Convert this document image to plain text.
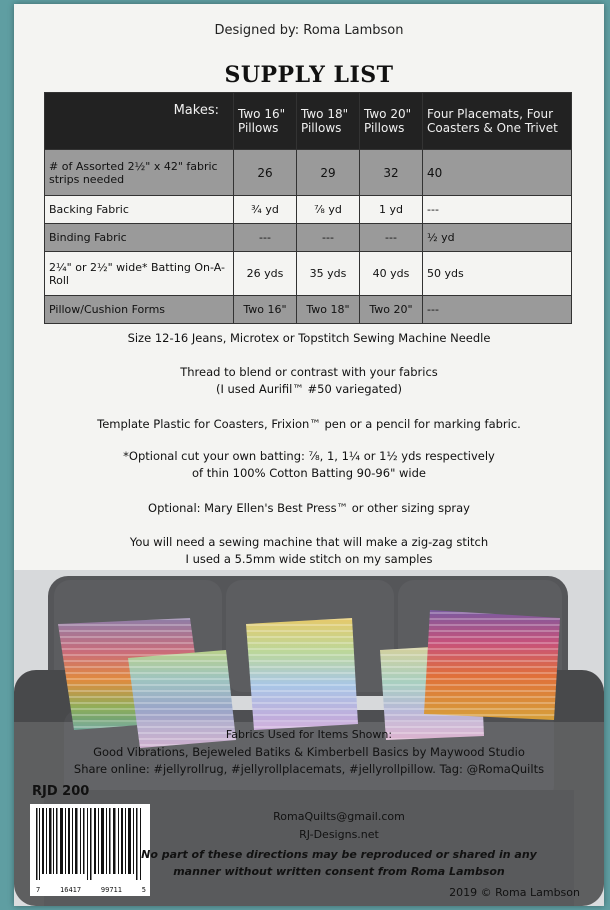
Designed by: Roma Lambson
SUPPLY LIST
Makes:	Two 16" Pillows	Two 18" Pillows	Two 20" Pillows	Four Placemats, Four Coasters & One Trivet
# of Assorted 2½" x 42" fabric strips needed	26	29	32	40
Backing Fabric	¾ yd	⅞ yd	1 yd	---
Binding Fabric	---	---	---	½ yd
2¼" or 2½" wide* Batting On-A-Roll	26 yds	35 yds	40 yds	50 yds
Pillow/Cushion Forms	Two 16"	Two 18"	Two 20"	---
Size 12-16 Jeans, Microtex or Topstitch Sewing Machine Needle
Thread to blend or contrast with your fabrics
(I used Aurifil™ #50 variegated)
Template Plastic for Coasters, Frixion™ pen or a pencil for marking fabric.
*Optional cut your own batting: ⅞, 1, 1¼ or 1½ yds respectively
of thin 100% Cotton Batting 90-96" wide
Optional: Mary Ellen's Best Press™ or other sizing spray
You will need a sewing machine that will make a zig-zag stitch
I used a 5.5mm wide stitch on my samples
Fabrics Used for Items Shown:
Good Vibrations, Bejeweled Batiks & Kimberbell Basics by Maywood Studio
Share online: #jellyrollrug, #jellyrollplacemats, #jellyrollpillow. Tag: @RomaQuilts
RJD 200
7	16417	99711	5
RomaQuilts@gmail.com
RJ-Designs.net
No part of these directions may be reproduced or shared in any
manner without written consent from Roma Lambson
2019 © Roma Lambson
